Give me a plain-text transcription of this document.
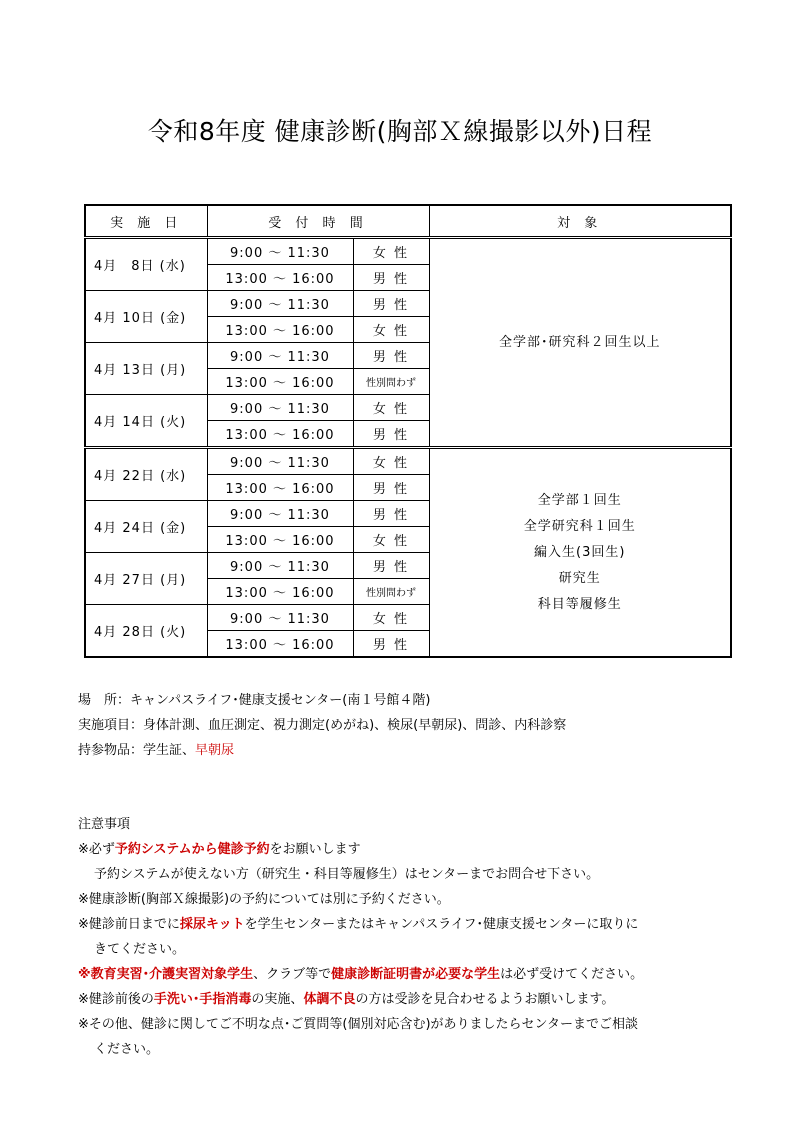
令和8年度 健康診断(胸部Ｘ線撮影以外)日程
実 施 日	受 付 時 間		対 象
4月　8日 (水)	9:00 ～ 11:30	女 性	全学部･研究科２回生以上

	13:00 ～ 16:00	男 性	
4月 10日 (金)	9:00 ～ 11:30	男 性	
	13:00 ～ 16:00	女 性	
4月 13日 (月)	9:00 ～ 11:30	男 性	
	13:00 ～ 16:00	性別問わず	
4月 14日 (火)	9:00 ～ 11:30	女 性	
	13:00 ～ 16:00	男 性	
4月 22日 (水)	9:00 ～ 11:30	女 性	全学部１回生
全学研究科１回生
編入生(3回生)
研究生
科目等履修生

	13:00 ～ 16:00	男 性	
4月 24日 (金)	9:00 ～ 11:30	男 性	
	13:00 ～ 16:00	女 性	
4月 27日 (月)	9:00 ～ 11:30	男 性	
	13:00 ～ 16:00	性別問わず	
4月 28日 (火)	9:00 ～ 11:30	女 性	
	13:00 ～ 16:00	男 性	
場　所：キャンパスライフ･健康支援センター(南１号館４階)
実施項目：身体計測、血圧測定、視力測定(めがね)、検尿(早朝尿)、問診、内科診察
持参物品：学生証、早朝尿
注意事項
※必ず予約システムから健診予約をお願いします
予約システムが使えない方（研究生・科目等履修生）はセンターまでお問合せ下さい。
※健康診断(胸部Ｘ線撮影)の予約については別に予約ください。
※健診前日までに採尿キットを学生センターまたはキャンパスライフ･健康支援センターに取りに
きてください。
※教育実習･介護実習対象学生、クラブ等で健康診断証明書が必要な学生は必ず受けてください。
※健診前後の手洗い･手指消毒の実施、体調不良の方は受診を見合わせるようお願いします。
※その他、健診に関してご不明な点･ご質問等(個別対応含む)がありましたらセンターまでご相談
ください。
